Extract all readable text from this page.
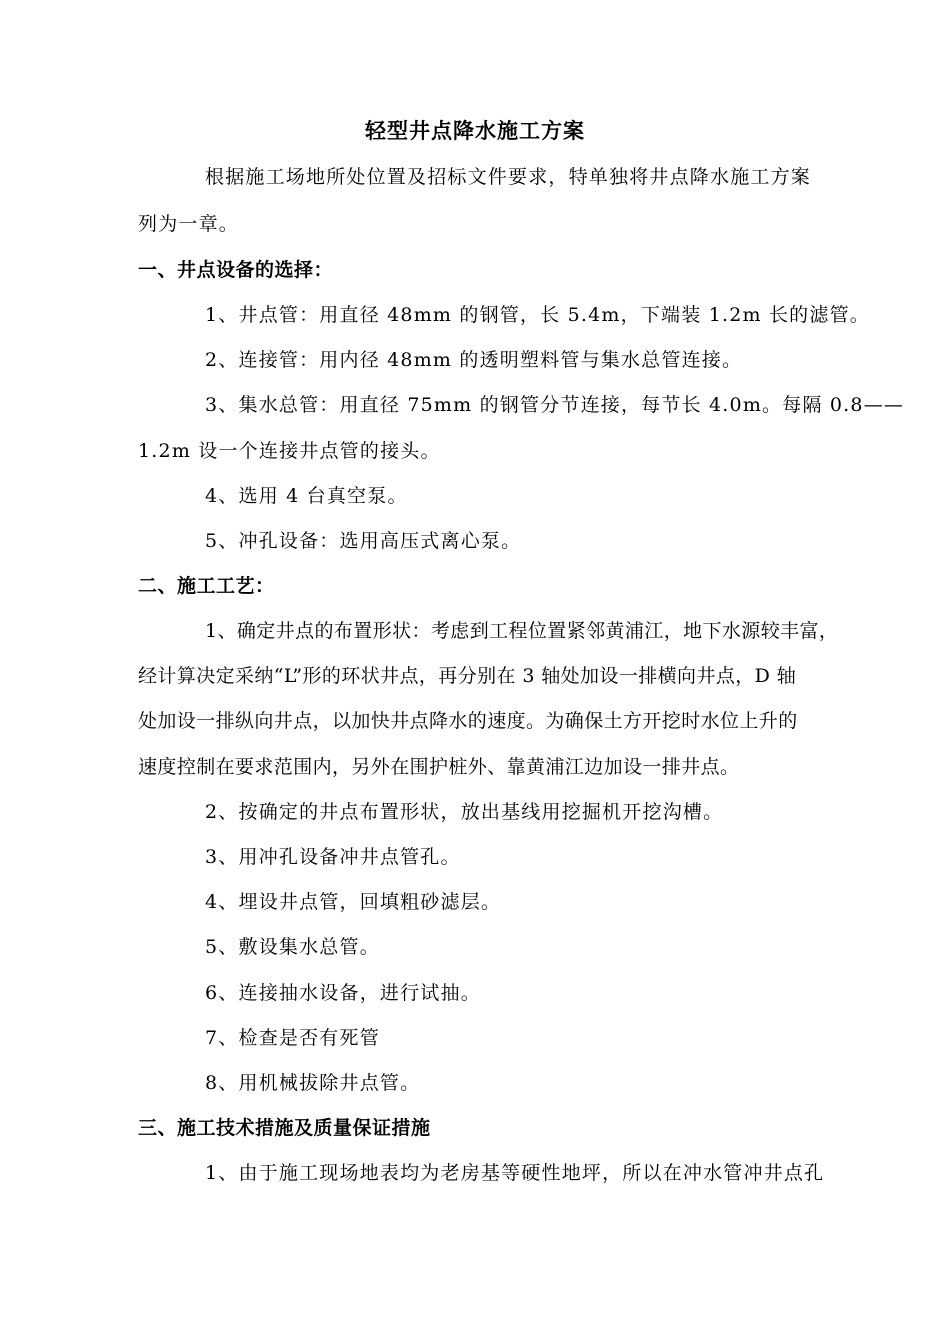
轻型井点降水施工方案
根据施工场地所处位置及招标文件要求，特单独将井点降水施工方案
列为一章。
一、井点设备的选择：
1、井点管：用直径 48mm 的钢管，长 5.4m，下端装 1.2m 长的滤管。
2、连接管：用内径 48mm 的透明塑料管与集水总管连接。
3、集水总管：用直径 75mm 的钢管分节连接，每节长 4.0m。每隔 0.8——
1.2m 设一个连接井点管的接头。
4、选用 4 台真空泵。
5、冲孔设备：选用高压式离心泵。
二、施工工艺：
1、确定井点的布置形状：考虑到工程位置紧邻黄浦江，地下水源较丰富，
经计算决定采纳“L”形的环状井点，再分别在 3 轴处加设一排横向井点，D 轴
处加设一排纵向井点，以加快井点降水的速度。为确保土方开挖时水位上升的
速度控制在要求范围内，另外在围护桩外、靠黄浦江边加设一排井点。
2、按确定的井点布置形状，放出基线用挖掘机开挖沟槽。
3、用冲孔设备冲井点管孔。
4、埋设井点管，回填粗砂滤层。
5、敷设集水总管。
6、连接抽水设备，进行试抽。
7、检查是否有死管
8、用机械拔除井点管。
三、施工技术措施及质量保证措施
1、由于施工现场地表均为老房基等硬性地坪，所以在冲水管冲井点孔
